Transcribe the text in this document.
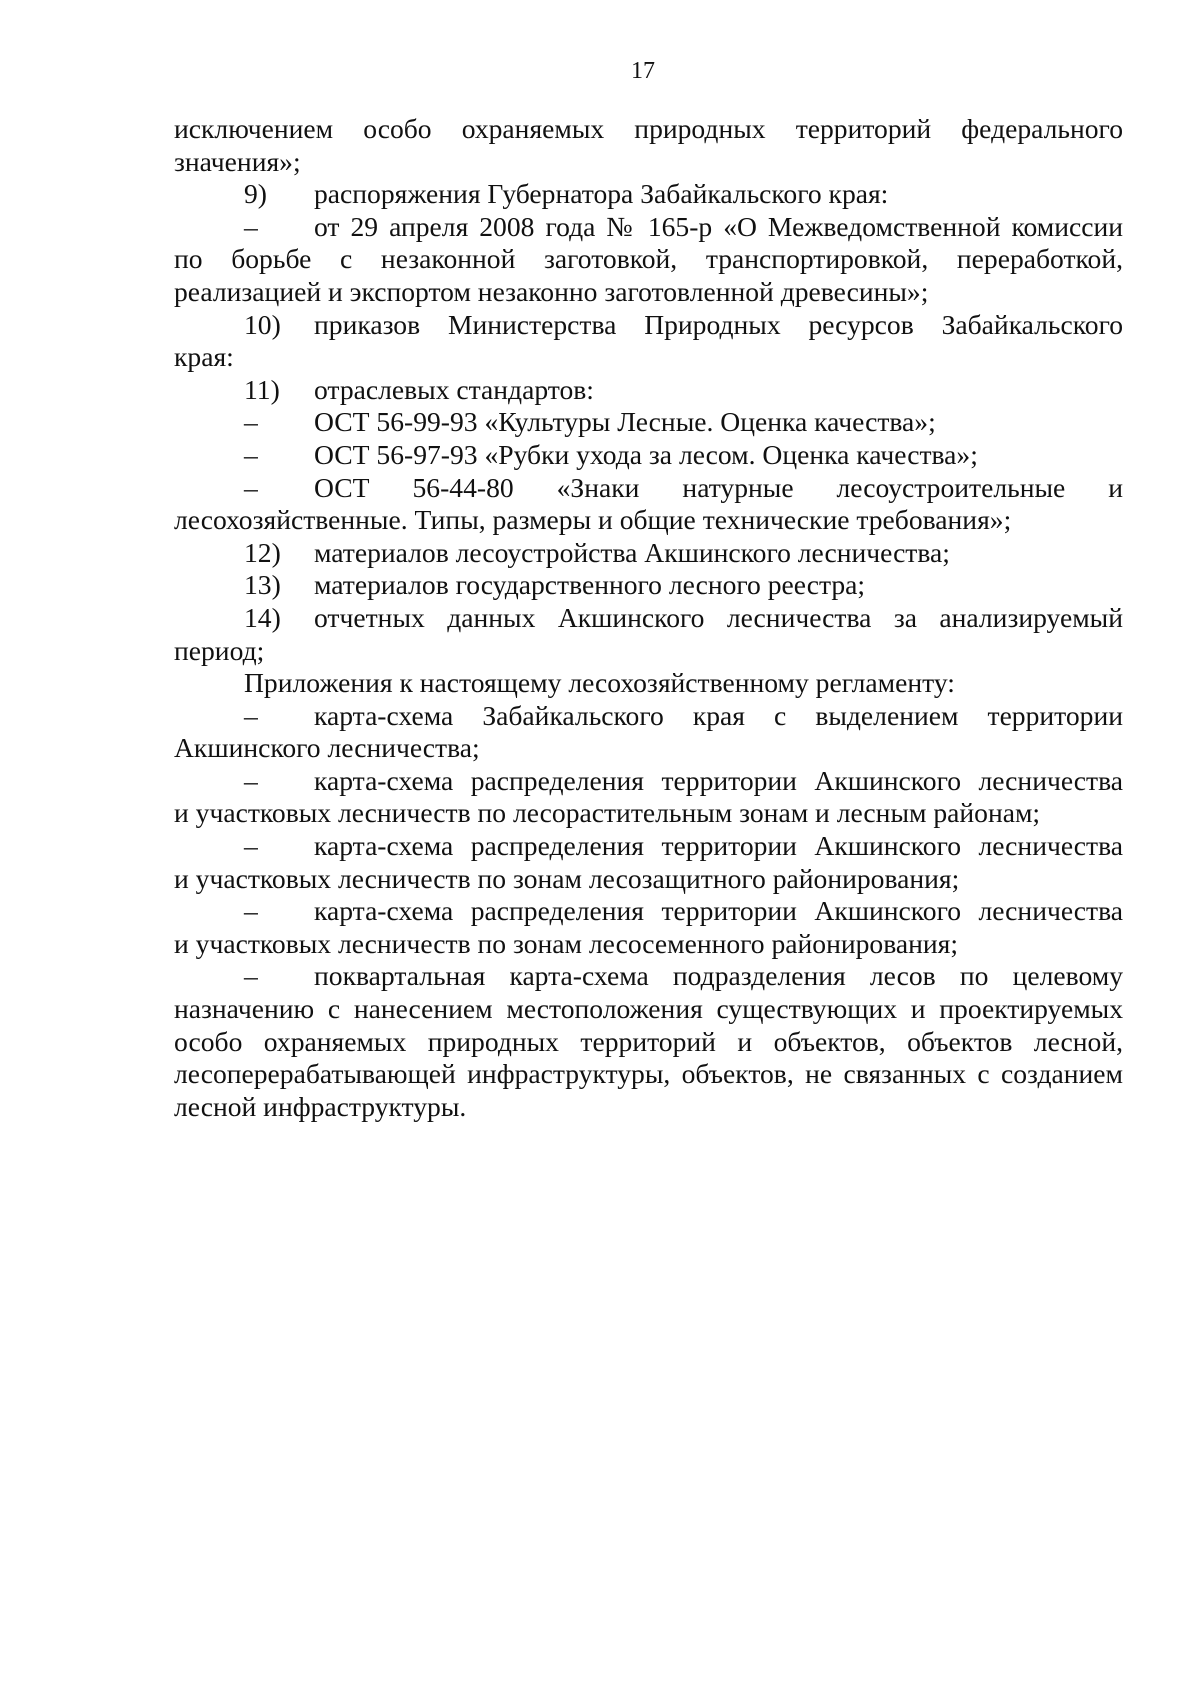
17

исключением особо охраняемых природных территорий федерального

значения»;

9) распоряжения Губернатора Забайкальского края:

– от 29 апреля 2008 года № 165-р «О Межведомственной комиссии

по борьбе с незаконной заготовкой, транспортировкой, переработкой,

реализацией и экспортом незаконно заготовленной древесины»;

10) приказов Министерства Природных ресурсов Забайкальского

края:

11) отраслевых стандартов:

– ОСТ 56-99-93 «Культуры Лесные. Оценка качества»;

– ОСТ 56-97-93 «Рубки ухода за лесом. Оценка качества»;

– ОСТ 56-44-80 «Знаки натурные лесоустроительные и

лесохозяйственные. Типы, размеры и общие технические требования»;

12) материалов лесоустройства Акшинского лесничества;

13) материалов государственного лесного реестра;

14) отчетных данных Акшинского лесничества за анализируемый

период;

Приложения к настоящему лесохозяйственному регламенту:

– карта-схема Забайкальского края с выделением территории

Акшинского лесничества;

– карта-схема распределения территории Акшинского лесничества

и участковых лесничеств по лесорастительным зонам и лесным районам;

– карта-схема распределения территории Акшинского лесничества

и участковых лесничеств по зонам лесозащитного районирования;

– карта-схема распределения территории Акшинского лесничества

и участковых лесничеств по зонам лесосеменного районирования;

– поквартальная карта-схема подразделения лесов по целевому

назначению с нанесением местоположения существующих и проектируемых

особо охраняемых природных территорий и объектов, объектов лесной,

лесоперерабатывающей инфраструктуры, объектов, не связанных с созданием

лесной инфраструктуры.
